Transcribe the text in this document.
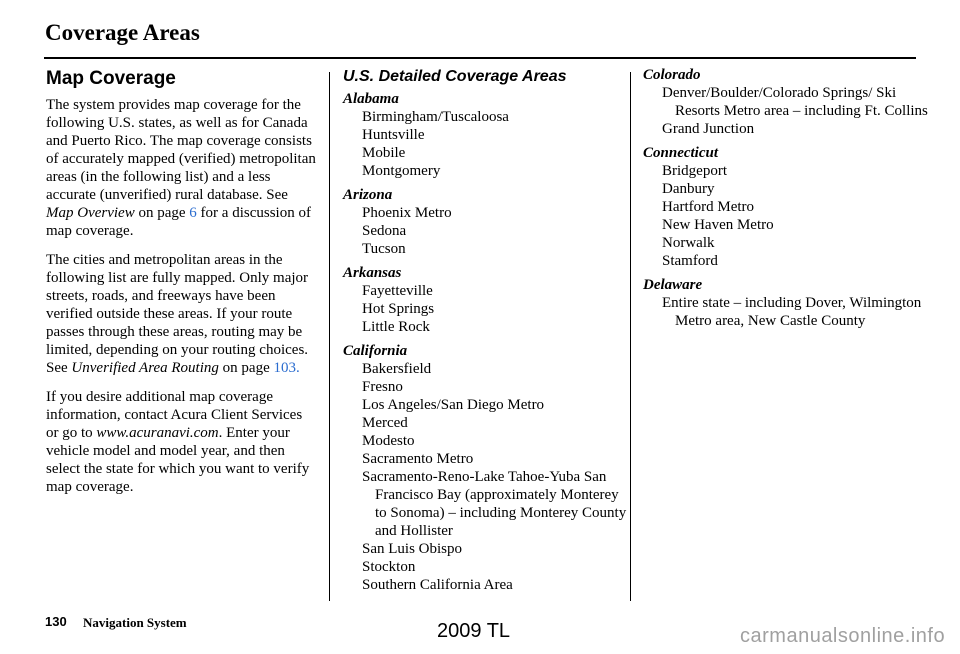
Coverage Areas
Map Coverage

The system provides map coverage for the following U.S. states, as well as for Canada and Puerto Rico. The map coverage consists of accurately mapped (verified) metropolitan areas (in the following list) and a less accurate (unverified) rural database. See Map Overview on page 6 for a discussion of map coverage.

The cities and metropolitan areas in the following list are fully mapped. Only major streets, roads, and freeways have been verified outside these areas. If your route passes through these areas, routing may be limited, depending on your routing choices. See Unverified Area Routing on page 103.

If you desire additional map coverage information, contact Acura Client Services or go to www.acuranavi.com. Enter your vehicle model and model year, and then select the state for which you want to verify map coverage.

U.S. Detailed Coverage Areas
Alabama
Birmingham/Tuscaloosa
Huntsville
Mobile
Montgomery
Arizona
Phoenix Metro
Sedona
Tucson
Arkansas
Fayetteville
Hot Springs
Little Rock
California
Bakersfield
Fresno
Los Angeles/San Diego Metro
Merced
Modesto
Sacramento Metro
Sacramento-Reno-Lake Tahoe-Yuba San Francisco Bay (approximately Monterey to Sonoma) – including Monterey County and Hollister
San Luis Obispo
Stockton
Southern California Area
Colorado
Denver/Boulder/Colorado Springs/ Ski Resorts Metro area – including Ft. Collins
Grand Junction
Connecticut
Bridgeport
Danbury
Hartford Metro
New Haven Metro
Norwalk
Stamford
Delaware
Entire state – including Dover, Wilmington Metro area, New Castle County
130 Navigation System	2009 TL	carmanualsonline.info
